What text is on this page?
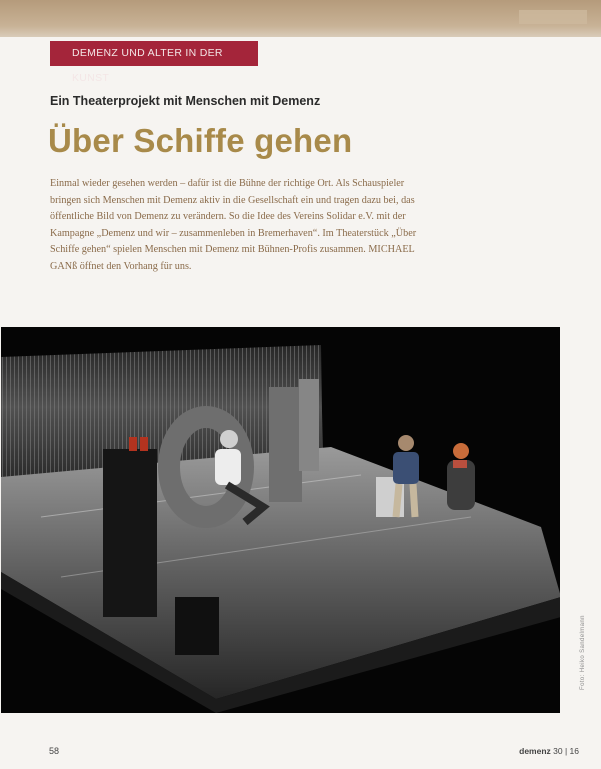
DEMENZ UND ALTER IN DER KUNST
Ein Theaterprojekt mit Menschen mit Demenz
Über Schiffe gehen

Einmal wieder gesehen werden – dafür ist die Bühne der richtige Ort. Als Schauspieler bringen sich Menschen mit Demenz aktiv in die Gesellschaft ein und tragen dazu bei, das öffentliche Bild von Demenz zu verändern. So die Idee des Vereins Solidar e.V. mit der Kampagne „Demenz und wir – zusammenleben in Bremerhaven“. Im Theaterstück „Über Schiffe gehen“ spielen Menschen mit Demenz mit Bühnen-Profis zusammen. MICHAEL GANß öffnet den Vorhang für uns.

Foto: Heiko Sandelmann
58	demenz 30 | 16
